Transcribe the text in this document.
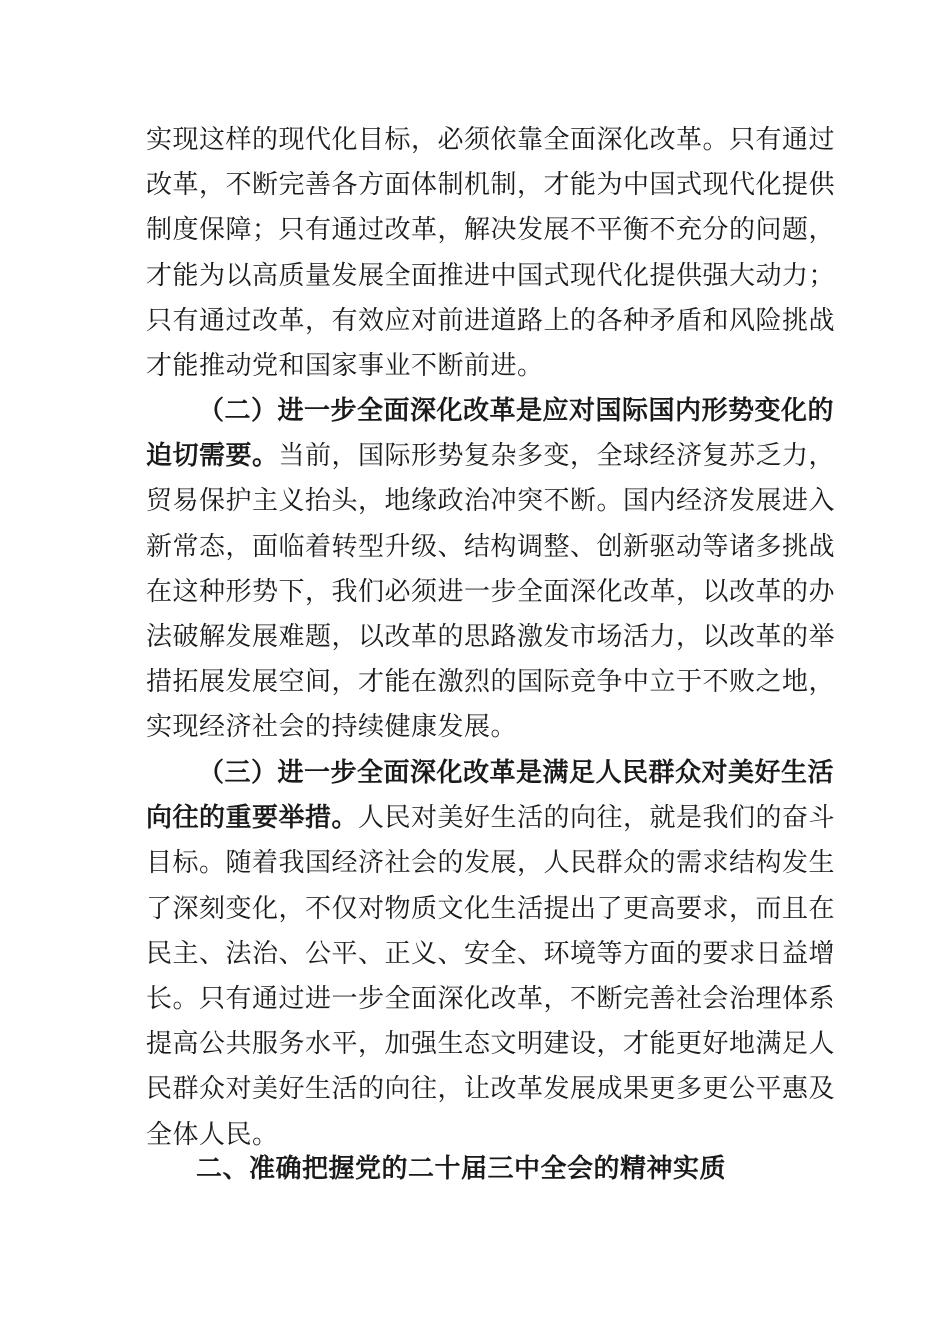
实现这样的现代化目标，必须依靠全面深化改革。只有通过
改革，不断完善各方面体制机制，才能为中国式现代化提供
制度保障；只有通过改革，解决发展不平衡不充分的问题，
才能为以高质量发展全面推进中国式现代化提供强大动力；
只有通过改革，有效应对前进道路上的各种矛盾和风险挑战
才能推动党和国家事业不断前进。
（二）进一步全面深化改革是应对国际国内形势变化的
迫切需要。当前，国际形势复杂多变，全球经济复苏乏力，
贸易保护主义抬头，地缘政治冲突不断。国内经济发展进入
新常态，面临着转型升级、结构调整、创新驱动等诸多挑战
在这种形势下，我们必须进一步全面深化改革，以改革的办
法破解发展难题，以改革的思路激发市场活力，以改革的举
措拓展发展空间，才能在激烈的国际竞争中立于不败之地，
实现经济社会的持续健康发展。
（三）进一步全面深化改革是满足人民群众对美好生活
向往的重要举措。人民对美好生活的向往，就是我们的奋斗
目标。随着我国经济社会的发展，人民群众的需求结构发生
了深刻变化，不仅对物质文化生活提出了更高要求，而且在
民主、法治、公平、正义、安全、环境等方面的要求日益增
长。只有通过进一步全面深化改革，不断完善社会治理体系
提高公共服务水平，加强生态文明建设，才能更好地满足人
民群众对美好生活的向往，让改革发展成果更多更公平惠及
全体人民。
二、准确把握党的二十届三中全会的精神实质
